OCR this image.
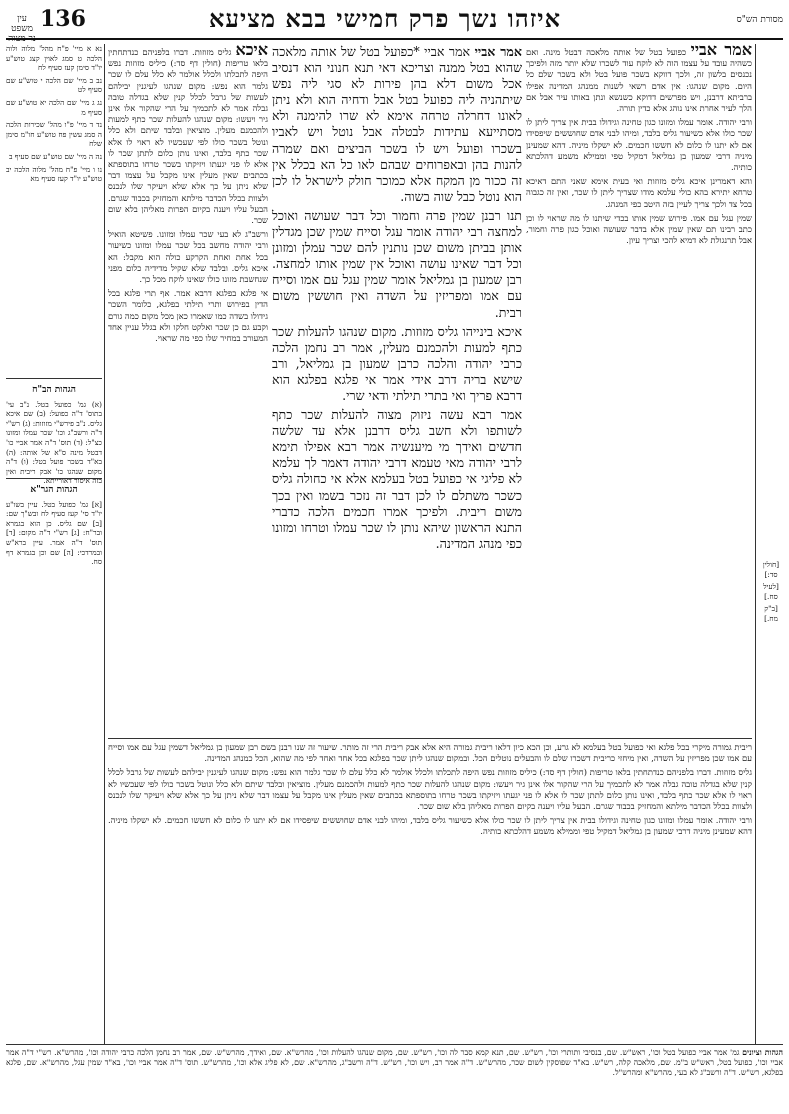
עין משפט נר מצוה
136	איזהו נשך פרק חמישי בבא מציעא	מסורת הש"ס

נא א מיי' פ"ח מהל' מלוה ולוה הלכה ט סמג לאוין קצג טוש"ע יו"ד סימן קעז סעיף לח

נב ב מיי' שם הלכה י טוש"ע שם סעיף לט

נג ג מיי' שם הלכה יא טוש"ע שם סעיף מ

נד ד מיי' פ"ו מהל' שכירות הלכה ה סמג עשין פח טוש"ע חו"מ סימן שלח

נה ה מיי' שם טוש"ע שם סעיף ב

נו ו מיי' פ"ח מהל' מלוה הלכה יב טוש"ע יו"ד קעז סעיף מא

הגהות הב"ח
(א) גמ' כפועל בטל. נ"ב עי' בתוס' ד"ה כפועל: (ב) שם איכא גליס. נ"ב פירש"י מזוזות: (ג) רש"י ד"ה ורשב"ג וכו' שכר עמלו ומזונו כצ"ל: (ד) תוס' ד"ה אמר אביי כו' דבטל מינה ס"א של אותה: (ה) בא"ד בשכר פועל בטל: (ו) ד"ה מקום שנהגו כו' אבק ריבית ואין בזה איסור דאורייתא.
הגהות הגר"א
[א] גמ' כפועל בטל. עיין בשו"ע יו"ד סי' קעז סעיף לח ובש"ך שם: [ב] שם גליס. כן הוא בגמרא ובר"ח: [ג] רש"י ד"ה מקום: [ד] תוס' ד"ה אמר. עיין ברא"ש ובמרדכי: [ה] שם וכן בגמרא דף סח.

איכא גליס מזוזות. דברו בלפניהם כנדתחתין בלאו טריפות (חולין דף סד:) כיליס מזוזות נפש היפה לתכלתו ולכלל אולמר לא כלל עלם לו שכר גלמר הוא נפש: מקום שנהגו לעיגנין יבילהם לעשות של גרבל לכלל קנין שלא בגדלה טובה גבלה אמר לא לתכמיך על הרי שהקור אלו אינן גיר ויעשו: מקום שנהגו להעלות שכר כתף למעות ולהכמנם מעלין. מוציאין ובלבד שיתם ולא כלל ונוטל בשכר כולו לפי שעכשיו לא ראוי לו אלא שכר כתף בלבד, ואינו נותן כלום לתתן שכר לו אלא לו פני יגעתו ויזיקתו בשכר טרחו בתוספתא בכתבים שאין מעלין אינו מקבל על עצמו דבר שלא ניתן על כך אלא שלא ויעיקר שלו לנכנס ולצוות בכלל הכדבר מילתא והמחזיק בכבוד שגרם. הבעל עליו ויענה בקיום הפרות מאליהן בלא שום שכר.

ורשב"ג לא בעי שכר עמלו ומזונו. פשיטא הואיל ורבי יהודה מחשב בכל שכר עמלו ומזונו כשיעור בכל אחת ואחת הקרקע כולה הוא מקבל: הא איכא גליס. ובלבד שלא שקיל מדידיה כלום מפני שנחשבת מזונו כולו שאינו לוקח מכל כך.

אי פלגא בפלגא דרבא אמר. אף תרי פלגא בכל הדין בפירוש ותרי תילתי בפלגא, כלומר השכר גידולו בשדה כמו שאמרו כאן מכל מקום כמה גורם וקבע גם כן שכר ואלקט חלקו ולא בגלל עניין אחד המעורב במחיר שלו כפי מה שראוי.

אמר אביי אמר אביי *כפועל בטל של אותה מלאכה שהוא בטל ממנה וצריכא דאי תנא חנוני הוא דנסיב אכל משום דלא בהן פירות לא סגי ליה נפש שיתהניה ליה כפועל בטל אבל ודחיה הוא ולא ניתן לאונו דחרלה טרחה אימא לא שרו להימנה ולא מסתייעא עתידות לבטלה אבל נוטל ויש לאביו בשכרו ופועל ויש לו בשכר הביצים ואם שמרה להנות בהן ובאפרוחים שבהם לאו כל הא בכלל אין זה ככור מן המקח אלא כמוכר חולק לישראל לו לכן הוא נוטל כבל שוה בשוה.

תנו רבנן שמין פרה וחמור וכל דבר שעושה ואוכל למחצה רבי יהודה אומר עגל וסייח שמין שכן מגדלין אותן בביתן משום שכן נותנין להם שכר עמלן ומזונן וכל דבר שאינו עושה ואוכל אין שמין אותו למחצה. רבן שמעון בן גמליאל אומר שמין עגל עם אמו וסייח עם אמו ומפריזין על השדה ואין חוששין משום רבית.

איכא בינייהו גליס מזוזות. מקום שנהגו להעלות שכר כתף למעות ולהכמנם מעלין, אמר רב נחמן הלכה כרבי יהודה והלכה כרבן שמעון בן גמליאל, ורב שישא בריה דרב אידי אמר אי פלגא בפלגא הוא דרבא פריך ואי בתרי תילתי ודאי שרי.

אמר רבא עשה ניזוק מצוה להעלות שכר כתף לשותפו ולא חשב גליס דרבנן אלא עד שלשה חדשים ואידך מי מיענשיה אמר רבא אפילו תימא לרבי יהודה מאי טעמא דרבי יהודה דאמר לך עלמא לא פליגי אי כפועל בטל בעלמא אלא אי כחולה גליס כשכר משתלם לו לכן דבר זה נזכר בשמו ואין בכך משום ריבית. ולפיכך אמרו חכמים הלכה כדברי התנא הראשון שיהא נותן לו שכר עמלו וטרחו ומזונו כפי מנהג המדינה.

אמר אביי כפועל בטל של אותה מלאכה דבטל מינה. ואם כשהיה עובד על עצמו הוה לא לוקח עוד לשכרו שלא יותר מזה ולפיכך נכנסים בלשון זה, ולכך דווקא בשכר פועל בטל ולא בשכר שלם כל היום. מקום שנהגו: אין אדם רשאי לשנות ממנהג המדינה אפילו ברביתא דרבנן, ויש מפרשים דדוקא כשנשא ונתן באותו עיר אבל אם הלך לעיר אחרת אינו נוהג אלא כדין תורה.

ורבי יהודה. אומר עמלו ומזונו כגון טחינה וגידולו בבית אין צריך ליתן לו שכר כולו אלא כשיעור גליס בלבד, ומיהו לבני אדם שחוששים שיפסידו אם לא יתנו לו כלום לא חששו חכמים. לא ישקלו מיניה. דהא שמעינן מיניה דרבי שמעון בן גמליאל דמקיל טפי וממילא משמע דהלכתא כותיה.

והא דאמרינן איכא גליס מזוזות ואי בעית אימא שאני התם דאיכא טרחא יתירא בהא כולי עלמא מודו שצריך ליתן לו שכר, ואין זה כגבוה בכל צד ולכך צריך לעיין בזה היטב כפי המנהג.

שמין עגל עם אמו. פירוש שמין אותו בכדי שיתנו לו מה שראוי לו וכן כתב רבינו תם שאין שמין אלא בדבר שעושה ואוכל כגון פרה וחמור, אבל תרנגולת לא דמיא להכי וצריך עיון.

[חולין סד:]

[לעיל סח.]

[ב"ק מח.]

ריבית גמורה מיקרי בכל פלגא ואי כפועל בטל בעלמא לא גרע, וכן הכא כיון דלאו ריבית גמורה היא אלא אבק ריבית הרי זה מותר. שיעור זה שנו רבנן בשם רבן שמעון בן גמליאל דשמין עגל עם אמו וסייח עם אמו שכן מפריזין על השדה, ואין מיחזי כריבית דשכרו שלם לו והבעלים נוטלים הכל. ובמקום שנהגו ליתן שכר בפלגא בכל אחד ואחד לפי מה שהוא, הכל כמנהג המדינה.

גליס מזוזות. דברו בלפניהם כנדתחתין בלאו טריפות (חולין דף סד:) כיליס מזוזות נפש היפה לתכלתו ולכלל אולמר לא כלל עלם לו שכר גלמר הוא נפש: מקום שנהגו לעיגנין יבילהם לעשות של גרבל לכלל קנין שלא בגדלה טובה גבלה אמר לא לתכמיך על הרי שהקור אלו אינן גיר ויעשו: מקום שנהגו להעלות שכר כתף למעות ולהכמנם מעלין. מוציאין ובלבד שיתם ולא כלל ונוטל בשכר כולו לפי שעכשיו לא ראוי לו אלא שכר כתף בלבד, ואינו נותן כלום לתתן שכר לו אלא לו פני יגעתו ויזיקתו בשכר טרחו בתוספתא בכתבים שאין מעלין אינו מקבל על עצמו דבר שלא ניתן על כך אלא שלא ויעיקר שלו לנכנס ולצוות בכלל הכדבר מילתא והמחזיק בכבוד שגרם. הבעל עליו ויענה בקיום הפרות מאליהן בלא שום שכר.

ורבי יהודה. אומר עמלו ומזונו כגון טחינה וגידולו בבית אין צריך ליתן לו שכר כולו אלא כשיעור גליס בלבד, ומיהו לבני אדם שחוששים שיפסידו אם לא יתנו לו כלום לא חששו חכמים. לא ישקלו מיניה. דהא שמעינן מיניה דרבי שמעון בן גמליאל דמקיל טפי וממילא משמע דהלכתא כותיה.

הגהות וציונים גמ' אמר אביי כפועל בטל וכו', ראש"ש. שם, בנסיבי ותותרי וכו', רש"ש. שם, תנא קמא סבר לה וכו', רש"ש. שם, מקום שנהגו להעלות וכו', מהרש"א. שם, ואידך, מהרש"ש. שם, אמר רב נחמן הלכה כרבי יהודה וכו', מהרש"א. רש"י ד"ה אמר אביי וכו', כפועל בטל, ראש"ש ב"מ. שם, מלאכה קלה, רש"ש. בא"ד שפוסקין לשום שכר, מהרש"ש. ד"ה אמר רב, ויש וכו', רש"ש. ד"ה ורשב"ג, מהרש"א. שם, לא פליג אלא וכו', מהרש"ש. תוס' ד"ה אמר אביי וכו', בא"ד שמין עגל, מהרש"א. שם, פלגא בפלגא, רש"ש. ד"ה ורשב"ג לא בעי, מהרש"א ומהרש"ל.
